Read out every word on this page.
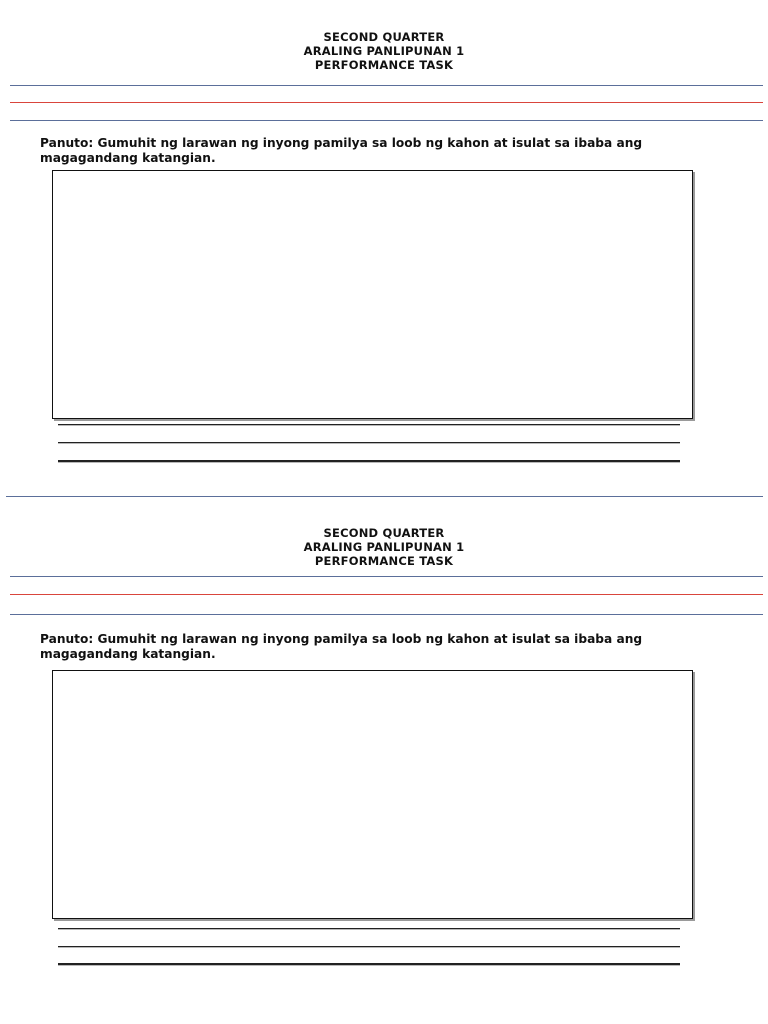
SECOND QUARTER
ARALING PANLIPUNAN 1
PERFORMANCE TASK
Panuto: Gumuhit ng larawan ng inyong pamilya sa loob ng kahon at isulat sa ibaba ang magagandang katangian.
SECOND QUARTER
ARALING PANLIPUNAN 1
PERFORMANCE TASK
Panuto: Gumuhit ng larawan ng inyong pamilya sa loob ng kahon at isulat sa ibaba ang magagandang katangian.
